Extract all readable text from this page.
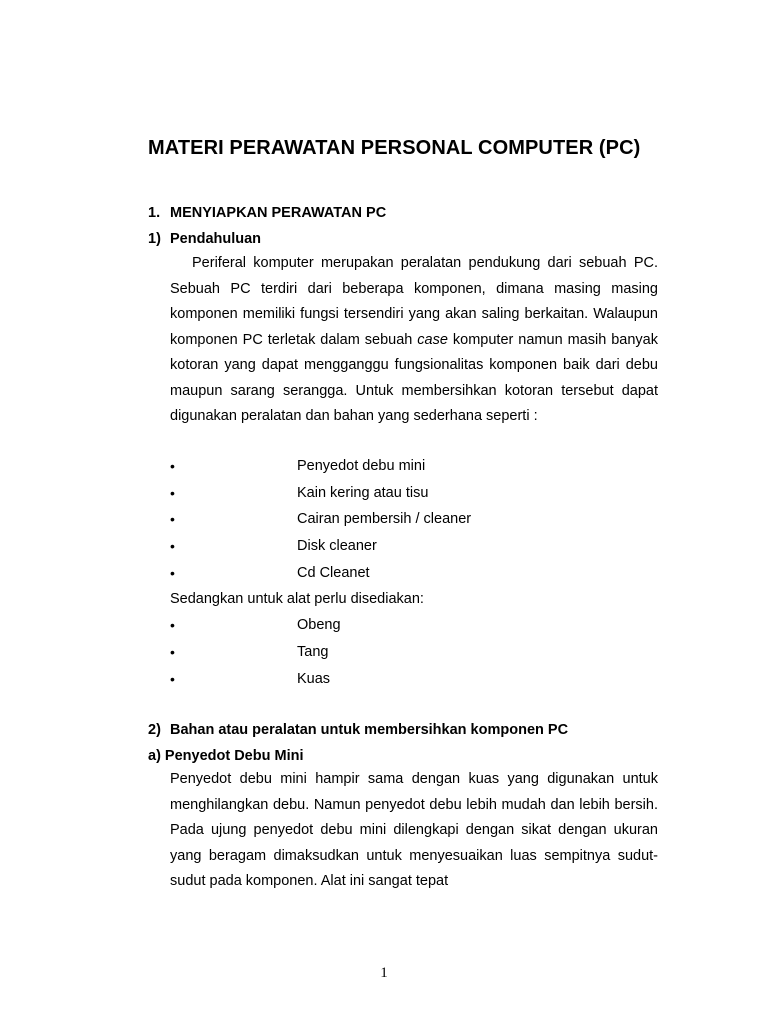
MATERI PERAWATAN PERSONAL COMPUTER (PC)
1. MENYIAPKAN PERAWATAN PC
1) Pendahuluan

Periferal komputer merupakan peralatan pendukung dari sebuah PC. Sebuah PC terdiri dari beberapa komponen, dimana masing masing komponen memiliki fungsi tersendiri yang akan saling berkaitan. Walaupun komponen PC terletak dalam sebuah case komputer namun masih banyak kotoran yang dapat mengganggu fungsionalitas komponen baik dari debu maupun sarang serangga. Untuk membersihkan kotoran tersebut dapat digunakan peralatan dan bahan yang sederhana seperti :

•	Penyedot debu mini
•	Kain kering atau tisu
•	Cairan pembersih / cleaner
•	Disk cleaner
•	Cd Cleanet

Sedangkan untuk alat perlu disediakan:

•	Obeng
•	Tang
•	Kuas
2) Bahan atau peralatan untuk membersihkan komponen PC
a) Penyedot Debu Mini

Penyedot debu mini hampir sama dengan kuas yang digunakan untuk menghilangkan debu. Namun penyedot debu lebih mudah dan lebih bersih. Pada ujung penyedot debu mini dilengkapi dengan sikat dengan ukuran yang beragam dimaksudkan untuk menyesuaikan luas sempitnya sudut-sudut pada komponen. Alat ini sangat tepat

1
